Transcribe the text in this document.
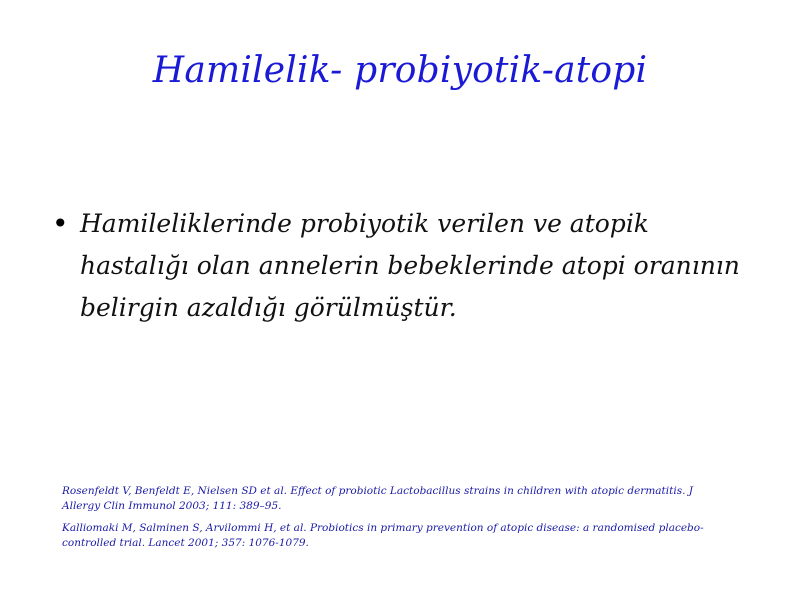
Hamilelik- probiyotik-atopi
• Hamileliklerinde probiyotik verilen ve atopik hastalığı olan annelerin bebeklerinde atopi oranının belirgin azaldığı görülmüştür.
Rosenfeldt V, Benfeldt E, Nielsen SD et al. Effect of probiotic Lactobacillus strains in children with atopic dermatitis. J Allergy Clin Immunol 2003; 111: 389–95.
Kalliomaki M, Salminen S, Arvilommi H, et al. Probiotics in primary prevention of atopic disease: a randomised placebo-controlled trial. Lancet 2001; 357: 1076-1079.
